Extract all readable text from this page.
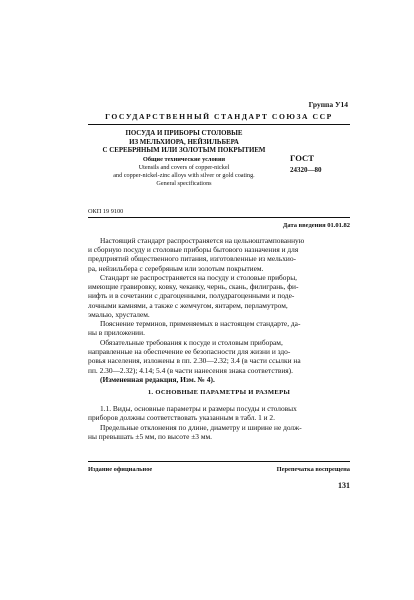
Группа У14
ГОСУДАРСТВЕННЫЙ СТАНДАРТ СОЮЗА ССР
ПОСУДА И ПРИБОРЫ СТОЛОВЫЕ
ИЗ МЕЛЬХИОРА, НЕЙЗИЛЬБЕРА
С СЕРЕБРЯНЫМ ИЛИ ЗОЛОТЫМ ПОКРЫТИЕМ
Общие технические условия
Utensils and covers of copper-nickel
and copper-nickel-zinc alloys with silver or gold coating.
General specifications
ГОСТ
24320—80
ОКП 19 9100
Дата введения 01.01.82
Настоящий стандарт распространяется на цельноштампованную
и сборную посуду и столовые приборы бытового назначения и для
предприятий общественного питания, изготовленные из мельхио-
ра, нейзильбера с серебряным или золотым покрытием.
Стандарт не распространяется на посуду и столовые приборы,
имеющие гравировку, ковку, чеканку, чернь, скань, филигрань, фи-
нифть и в сочетании с драгоценными, полудрагоценными и поде-
лочными камнями, а также с жемчугом, янтарем, перламутром,
эмалью, хрусталем.
Пояснение терминов, применяемых в настоящем стандарте, да-
ны в приложении.
Обязательные требования к посуде и столовым приборам,
направленные на обеспечение ее безопасности для жизни и здо-
ровья населения, изложены в пп. 2.30—2.32; 3.4 (в части ссылки на
пп. 2.30—2.32); 4.14; 5.4 (в части нанесения знака соответствия).
(Измененная редакция, Изм. № 4).
1. ОСНОВНЫЕ ПАРАМЕТРЫ И РАЗМЕРЫ
1.1. Виды, основные параметры и размеры посуды и столовых
приборов должны соответствовать указанным в табл. 1 и 2.
Предельные отклонения по длине, диаметру и ширине не долж-
ны превышать ±5 мм, по высоте ±3 мм.
Издание официальное	Перепечатка воспрещена
131
